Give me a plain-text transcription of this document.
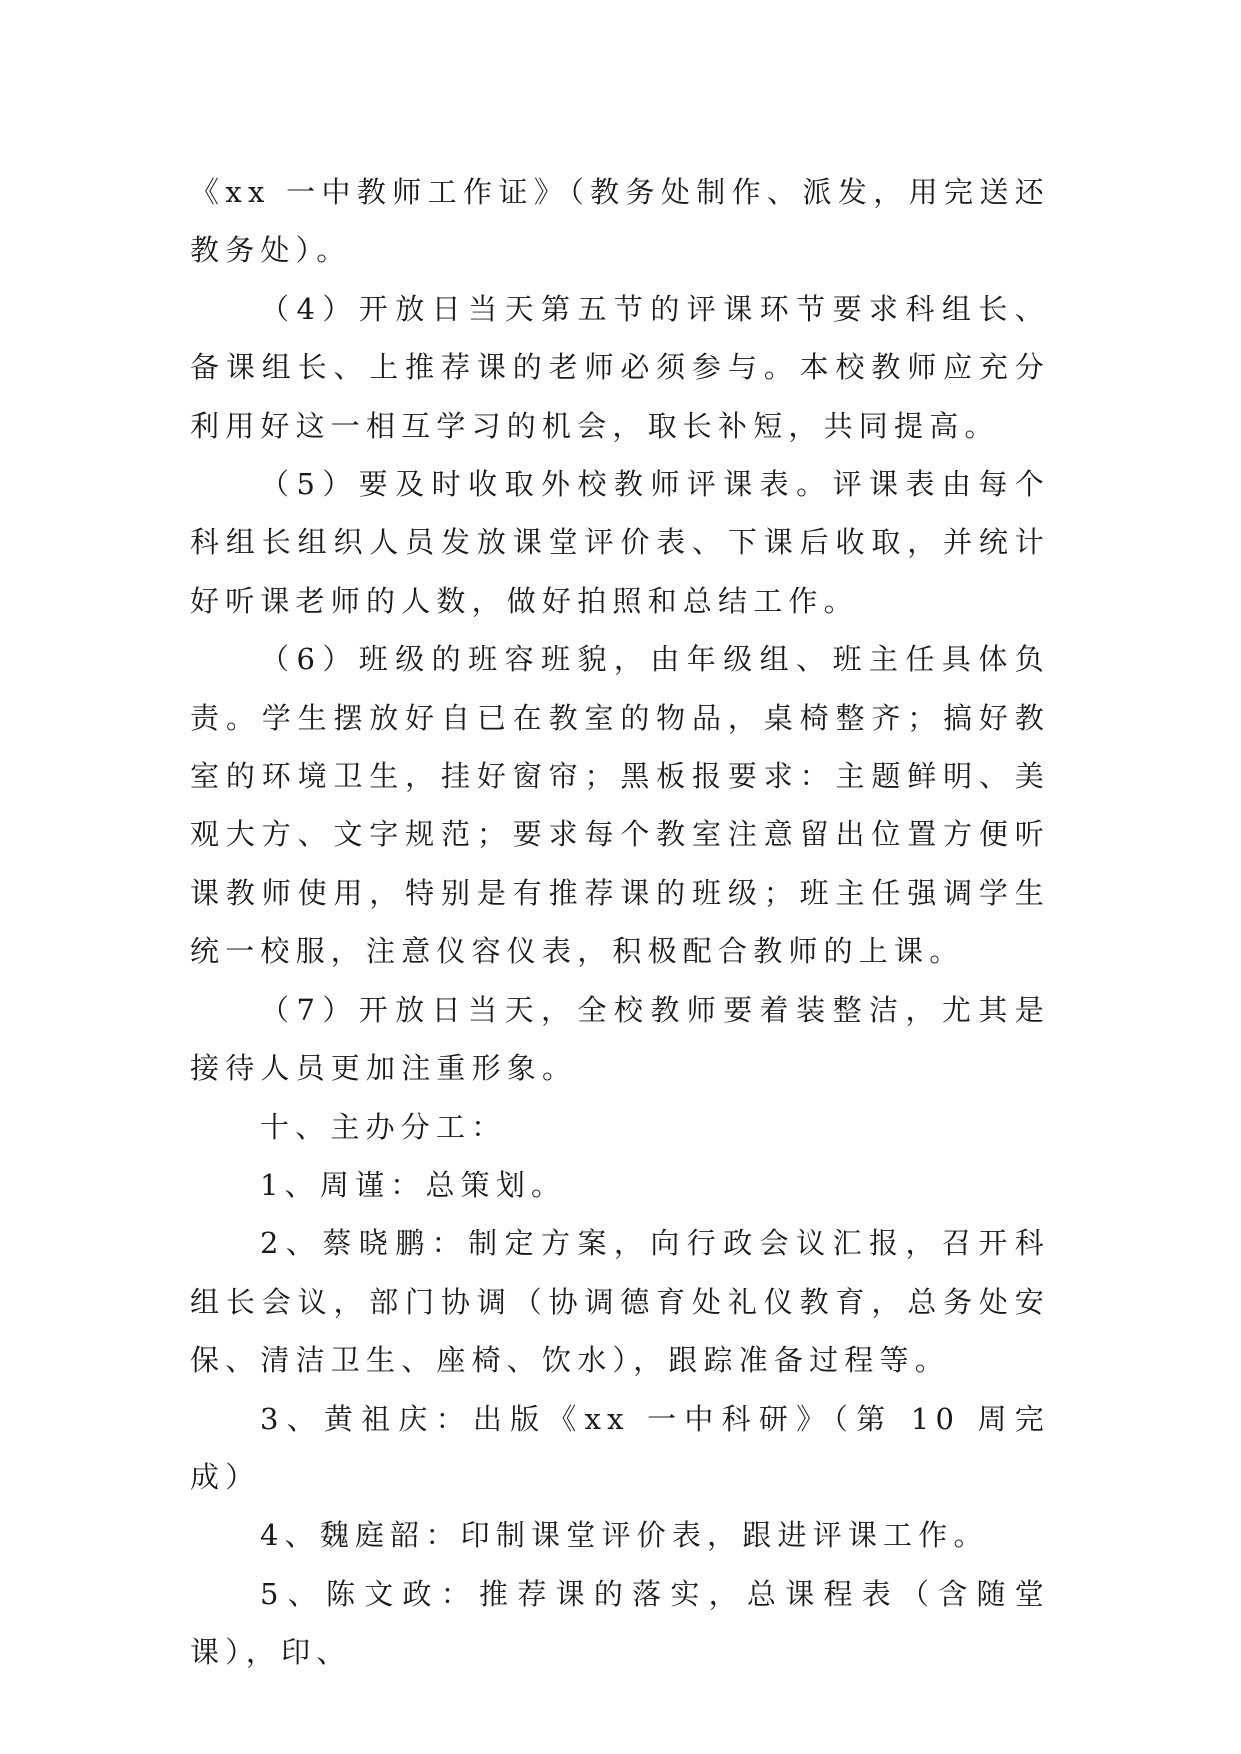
《xx 一中教师工作证》（教务处制作、派发，用完送还教务处）。

（4）开放日当天第五节的评课环节要求科组长、备课组长、上推荐课的老师必须参与。本校教师应充分利用好这一相互学习的机会，取长补短，共同提高。

（5）要及时收取外校教师评课表。评课表由每个科组长组织人员发放课堂评价表、下课后收取，并统计好听课老师的人数，做好拍照和总结工作。

（6）班级的班容班貌，由年级组、班主任具体负责。学生摆放好自已在教室的物品，桌椅整齐；搞好教室的环境卫生，挂好窗帘；黑板报要求：主题鲜明、美观大方、文字规范；要求每个教室注意留出位置方便听课教师使用，特别是有推荐课的班级；班主任强调学生统一校服，注意仪容仪表，积极配合教师的上课。

（7）开放日当天，全校教师要着装整洁，尤其是接待人员更加注重形象。

十、主办分工：

1、周谨：总策划。

2、蔡晓鹏：制定方案，向行政会议汇报，召开科组长会议，部门协调（协调德育处礼仪教育，总务处安保、清洁卫生、座椅、饮水），跟踪准备过程等。

3、黄祖庆：出版《xx 一中科研》（第 10 周完成）

4、魏庭韶：印制课堂评价表，跟进评课工作。

5、陈文政：推荐课的落实，总课程表（含随堂课），印、
